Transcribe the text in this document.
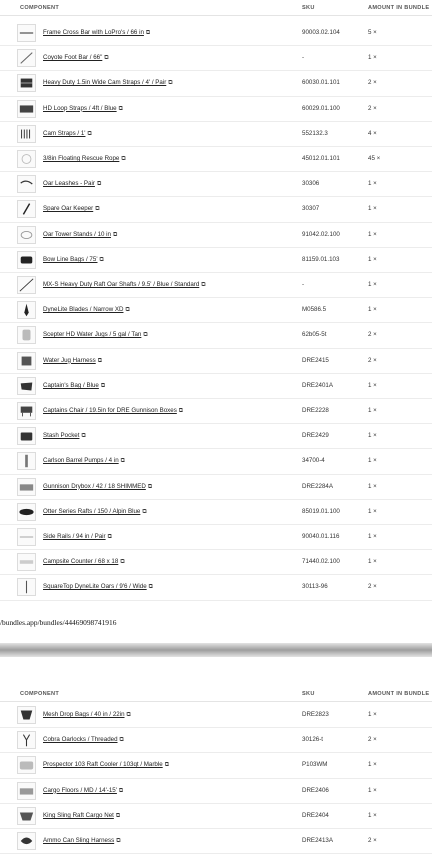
COMPONENT	SKU	AMOUNT IN BUNDLE
Frame Cross Bar with LoPro's / 66 in ⧉	90003.02.104	5 ×
Coyote Foot Bar / 66" ⧉	-	1 ×
Heavy Duty 1.5in Wide Cam Straps / 4' / Pair ⧉	60030.01.101	2 ×
HD Loop Straps / 4ft / Blue ⧉	60029.01.100	2 ×
Cam Straps / 1' ⧉	552132.3	4 ×
3/8in Floating Rescue Rope ⧉	45012.01.101	45 ×
Oar Leashes - Pair ⧉	30306	1 ×
Spare Oar Keeper ⧉	30307	1 ×
Oar Tower Stands / 10 in ⧉	91042.02.100	1 ×
Bow Line Bags / 75' ⧉	81159.01.103	1 ×
MX-S Heavy Duty Raft Oar Shafts / 9.5' / Blue / Standard ⧉	-	1 ×
DyneLite Blades / Narrow XD ⧉	M0586.5	1 ×
Scepter HD Water Jugs / 5 gal / Tan ⧉	62b05-5t	2 ×
Water Jug Harness ⧉	DRE2415	2 ×
Captain's Bag / Blue ⧉	DRE2401A	1 ×
Captains Chair / 19.5in for DRE Gunnison Boxes ⧉	DRE2228	1 ×
Stash Pocket ⧉	DRE2429	1 ×
Carlson Barrel Pumps / 4 in ⧉	34700-4	1 ×
Gunnison Drybox / 42 / 18 SHIMMED ⧉	DRE2284A	1 ×
Otter Series Rafts / 150 / Alpin Blue ⧉	85019.01.100	1 ×
Side Rails / 94 in / Pair ⧉	90040.01.116	1 ×
Campsite Counter / 68 x 18 ⧉	71440.02.100	1 ×
SquareTop DyneLite Oars / 9'6 / Wide ⧉	30113-96	2 ×
/bundles.app/bundles/44469098741916
COMPONENT	SKU	AMOUNT IN BUNDLE
Mesh Drop Bags / 40 in / 22in ⧉	DRE2823	1 ×
Cobra Oarlocks / Threaded ⧉	30126-t	2 ×
Prospector 103 Raft Cooler / 103qt / Marble ⧉	P103WM	1 ×
Cargo Floors / MD / 14'-15' ⧉	DRE2406	1 ×
King Sling Raft Cargo Net ⧉	DRE2404	1 ×
Ammo Can Sling Harness ⧉	DRE2413A	2 ×
